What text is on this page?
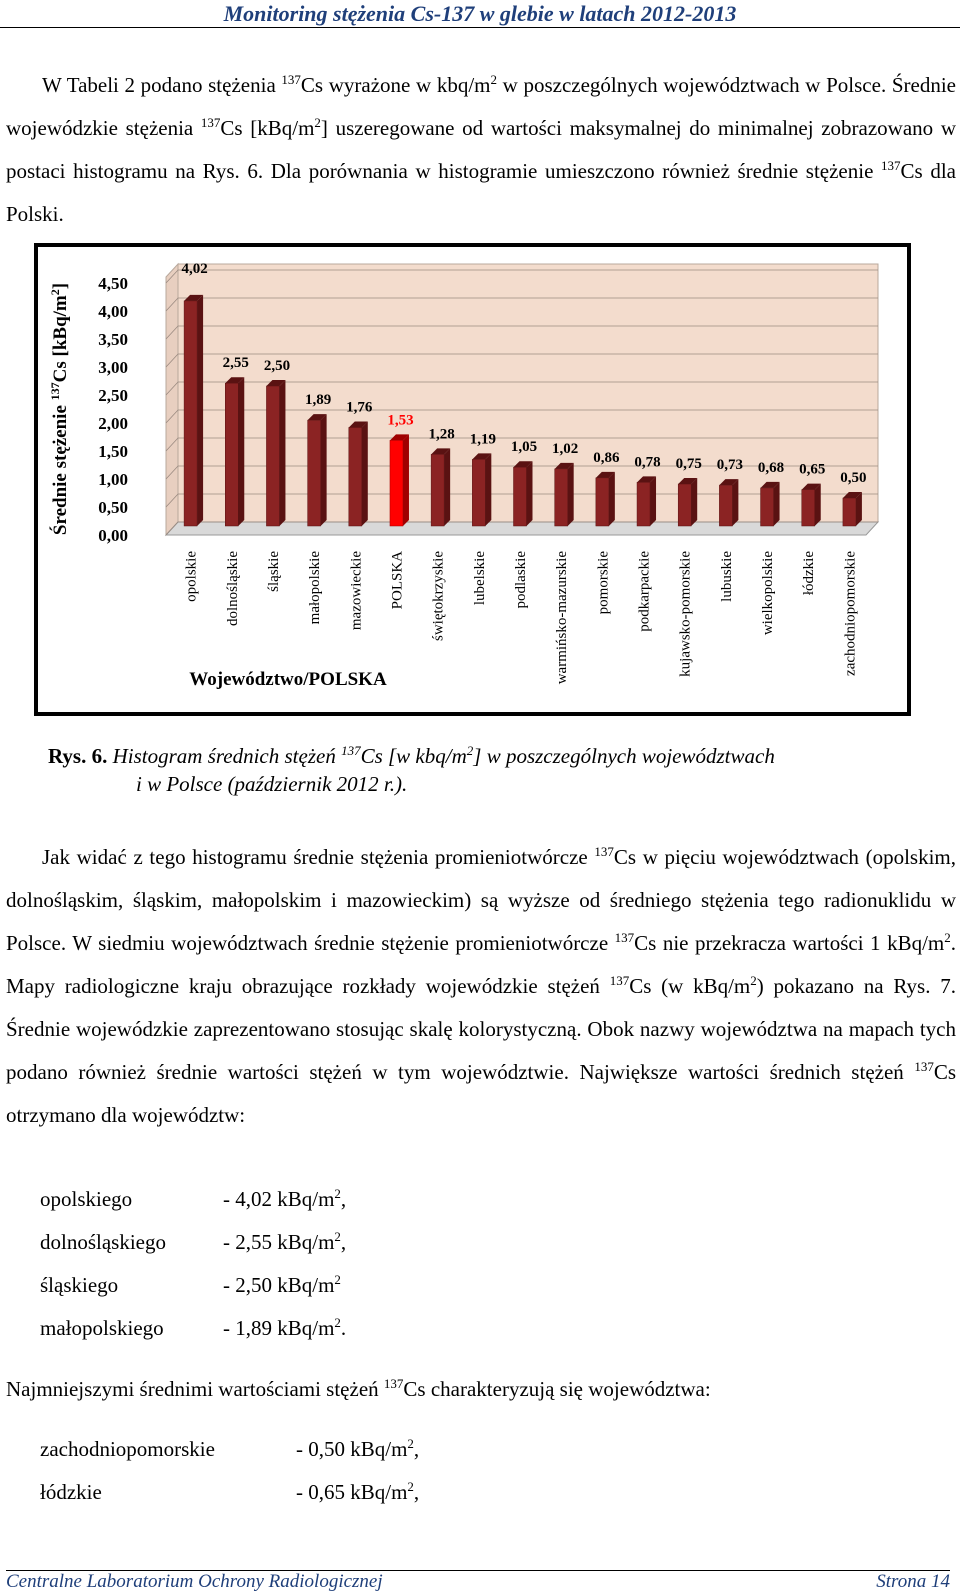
Monitoring stężenia Cs-137 w glebie w latach 2012-2013
W Tabeli 2 podano stężenia $^{137}$Cs wyrażone w kbq/$m^2$ w poszczególnych województwach w Polsce. Średnie wojewódzkie stężenia $^{137}$Cs $[kBq/m^2]$ uszeregowane od wartości maksymalnej do minimalnej zobrazowano w postaci histogramu na Rys. 6. Dla porównania w histogramie umieszczono również średnie stężenie $^{137}$Cs dla Polski.
0,00
0,50
1,00
1,50
2,00
2,50
3,00
3,50
4,00
4,50
Średnie stężenie $^{137}$Cs $[kBq/m^2]$
4,02
opolskie
2,55
dolnośląskie
2,50
śląskie
1,89
małopolskie
1,76
mazowieckie
1,53
POLSKA
1,28
świętokrzyskie
1,19
lubelskie
1,05
podlaskie
1,02
warmińsko-mazurskie
0,86
pomorskie
0,78
podkarpackie
0,75
kujawsko-pomorskie
0,73
lubuskie
0,68
wielkopolskie
0,65
łódzkie
0,50
zachodniopomorskie
Województwo/POLSKA
Rys. 6. Histogram średnich stężeń $^{137}$Cs [w kbq/$m^2$] w poszczególnych województwach
i w Polsce (październik 2012 r.).
Jak widać z tego histogramu średnie stężenia promieniotwórcze $^{137}$Cs w pięciu województwach (opolskim, dolnośląskim, śląskim, małopolskim i mazowieckim) są wyższe od średniego stężenia tego radionuklidu w Polsce. W siedmiu województwach średnie stężenie promieniotwórcze $^{137}$Cs nie przekracza wartości 1 kBq/$m^2$. Mapy radiologiczne kraju obrazujące rozkłady wojewódzkie stężeń $^{137}$Cs (w kBq/$m^2$) pokazano na Rys. 7. Średnie wojewódzkie zaprezentowano stosując skalę kolorystyczną. Obok nazwy województwa na mapach tych podano również średnie wartości stężeń w tym województwie. Największe wartości średnich stężeń $^{137}$Cs otrzymano dla województw:
opolskiego	- 4,02 kBq/$m^2$,
dolnośląskiego	- 2,55 kBq/$m^2$,
śląskiego	- 2,50 kBq/$m^2$
małopolskiego	- 1,89 kBq/$m^2$.
Najmniejszymi średnimi wartościami stężeń $^{137}$Cs charakteryzują się województwa:
zachodniopomorskie	- 0,50 kBq/$m^2$,
łódzkie	- 0,65 kBq/$m^2$,
Centralne Laboratorium Ochrony Radiologicznej	Strona 14
